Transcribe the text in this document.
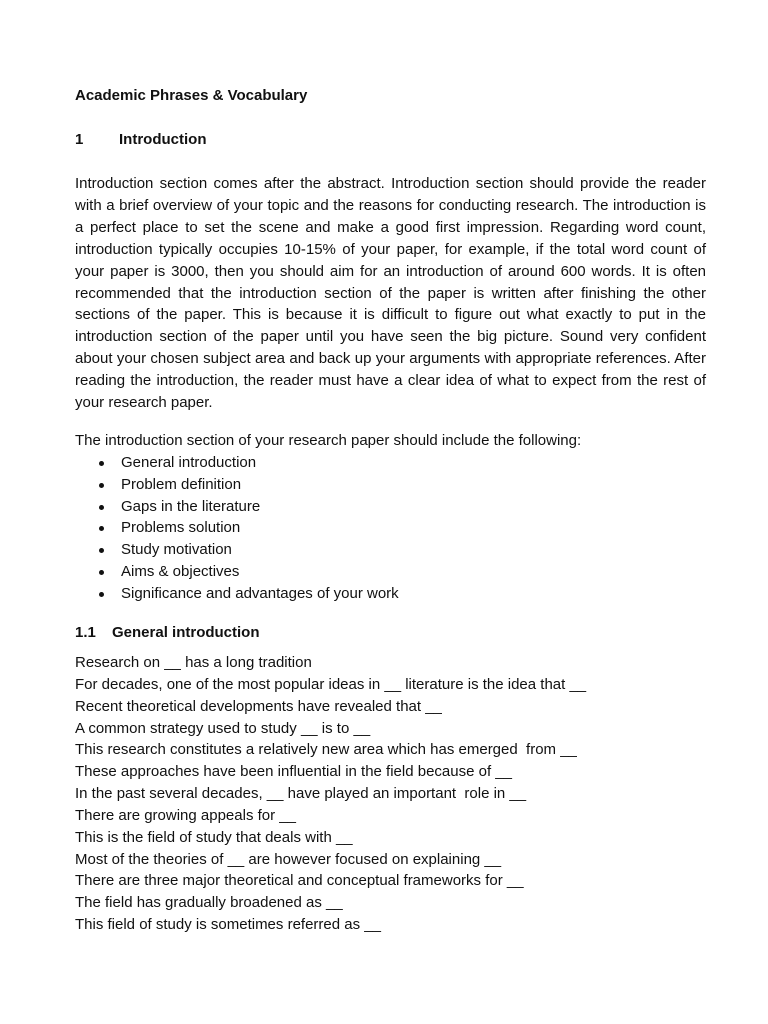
Academic Phrases & Vocabulary
1 Introduction

Introduction section comes after the abstract. Introduction section should provide the reader with a brief overview of your topic and the reasons for conducting research. The introduction is a perfect place to set the scene and make a good first impression. Regarding word count, introduction typically occupies 10-15% of your paper, for example, if the total word count of your paper is 3000, then you should aim for an introduction of around 600 words. It is often recommended that the introduction section of the paper is written after finishing the other sections of the paper. This is because it is difficult to figure out what exactly to put in the introduction section of the paper until you have seen the big picture. Sound very confident about your chosen subject area and back up your arguments with appropriate references. After reading the introduction, the reader must have a clear idea of what to expect from the rest of your research paper.

The introduction section of your research paper should include the following:
General introduction
Problem definition
Gaps in the literature
Problems solution
Study motivation
Aims & objectives
Significance and advantages of your work
1.1 General introduction
Research on __ has a long tradition
For decades, one of the most popular ideas in __ literature is the idea that __
Recent theoretical developments have revealed that __
A common strategy used to study __ is to __
This research constitutes a relatively new area which has emerged  from __
These approaches have been influential in the field because of __
In the past several decades, __ have played an important  role in __
There are growing appeals for __
This is the field of study that deals with __
Most of the theories of __ are however focused on explaining __
There are three major theoretical and conceptual frameworks for __
The field has gradually broadened as __
This field of study is sometimes referred as __
